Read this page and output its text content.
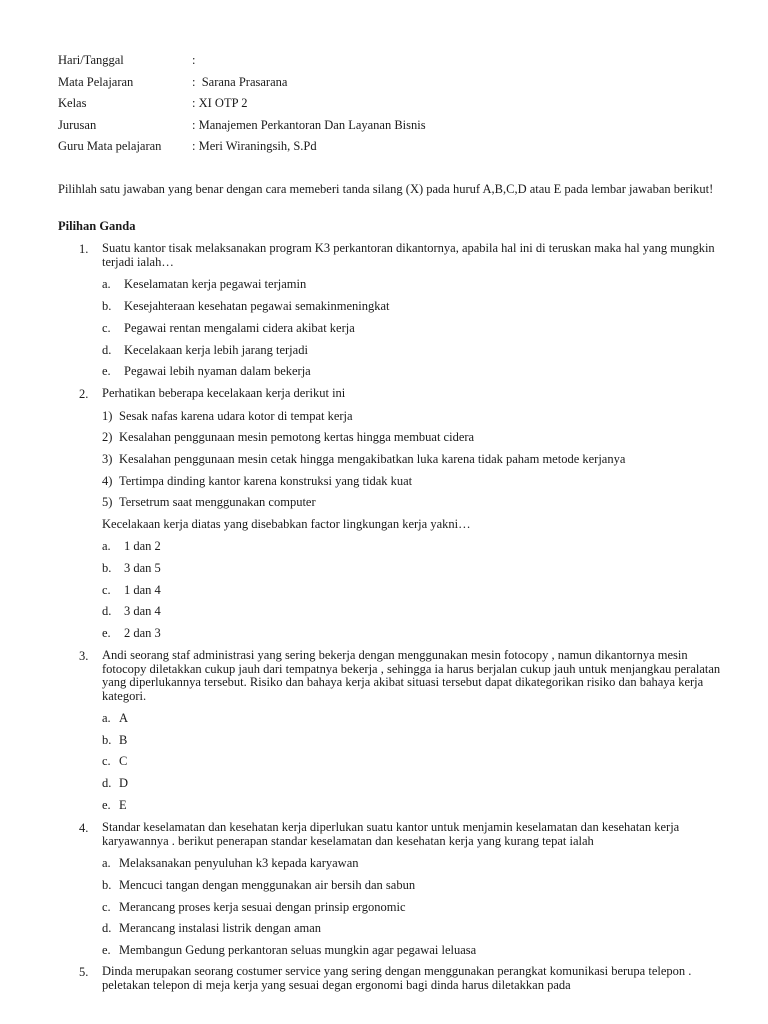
Hari/Tanggal	:
Mata Pelajaran	:  Sarana Prasarana
Kelas	: XI OTP 2
Jurusan	: Manajemen Perkantoran Dan Layanan Bisnis
Guru Mata pelajaran : Meri Wiraningsih, S.Pd
Pilihlah satu jawaban yang benar dengan cara memeberi tanda silang (X) pada huruf A,B,C,D atau E pada lembar jawaban berikut!
Pilihan Ganda
1. Suatu kantor tisak melaksanakan program K3 perkantoran dikantornya, apabila hal ini di teruskan maka hal yang mungkin terjadi ialah…
a. Keselamatan kerja pegawai terjamin
b. Kesejahteraan kesehatan pegawai semakinmeningkat
c. Pegawai rentan mengalami cidera akibat kerja
d. Kecelakaan kerja lebih jarang terjadi
e. Pegawai lebih nyaman dalam bekerja
2. Perhatikan beberapa kecelakaan kerja derikut ini
1) Sesak nafas karena udara kotor di tempat kerja
2) Kesalahan penggunaan mesin pemotong kertas hingga membuat cidera
3) Kesalahan penggunaan mesin cetak hingga mengakibatkan luka karena tidak paham metode kerjanya
4) Tertimpa dinding kantor karena konstruksi yang tidak kuat
5) Tersetrum saat menggunakan computer
Kecelakaan kerja diatas yang disebabkan factor lingkungan kerja yakni…
a. 1 dan 2
b. 3 dan 5
c. 1 dan 4
d. 3 dan 4
e. 2 dan 3
3. Andi seorang staf administrasi yang sering bekerja dengan menggunakan mesin fotocopy , namun dikantornya mesin fotocopy diletakkan cukup jauh dari tempatnya bekerja , sehingga ia harus berjalan cukup jauh untuk menjangkau peralatan yang diperlukannya tersebut. Risiko dan bahaya kerja akibat situasi tersebut dapat dikategorikan risiko dan bahaya kerja kategori.
a. A
b. B
c. C
d. D
e. E
4. Standar keselamatan dan kesehatan kerja diperlukan suatu kantor untuk menjamin keselamatan dan kesehatan kerja karyawannya . berikut penerapan standar keselamatan dan kesehatan kerja yang kurang tepat ialah
a. Melaksanakan penyuluhan k3 kepada karyawan
b. Mencuci tangan dengan menggunakan air bersih dan sabun
c. Merancang proses kerja sesuai dengan prinsip ergonomic
d. Merancang instalasi listrik dengan aman
e. Membangun Gedung perkantoran seluas mungkin agar pegawai leluasa
5. Dinda merupakan seorang costumer service yang sering dengan menggunakan perangkat komunikasi berupa telepon . peletakan telepon di meja kerja yang sesuai degan ergonomi bagi dinda harus diletakkan pada
